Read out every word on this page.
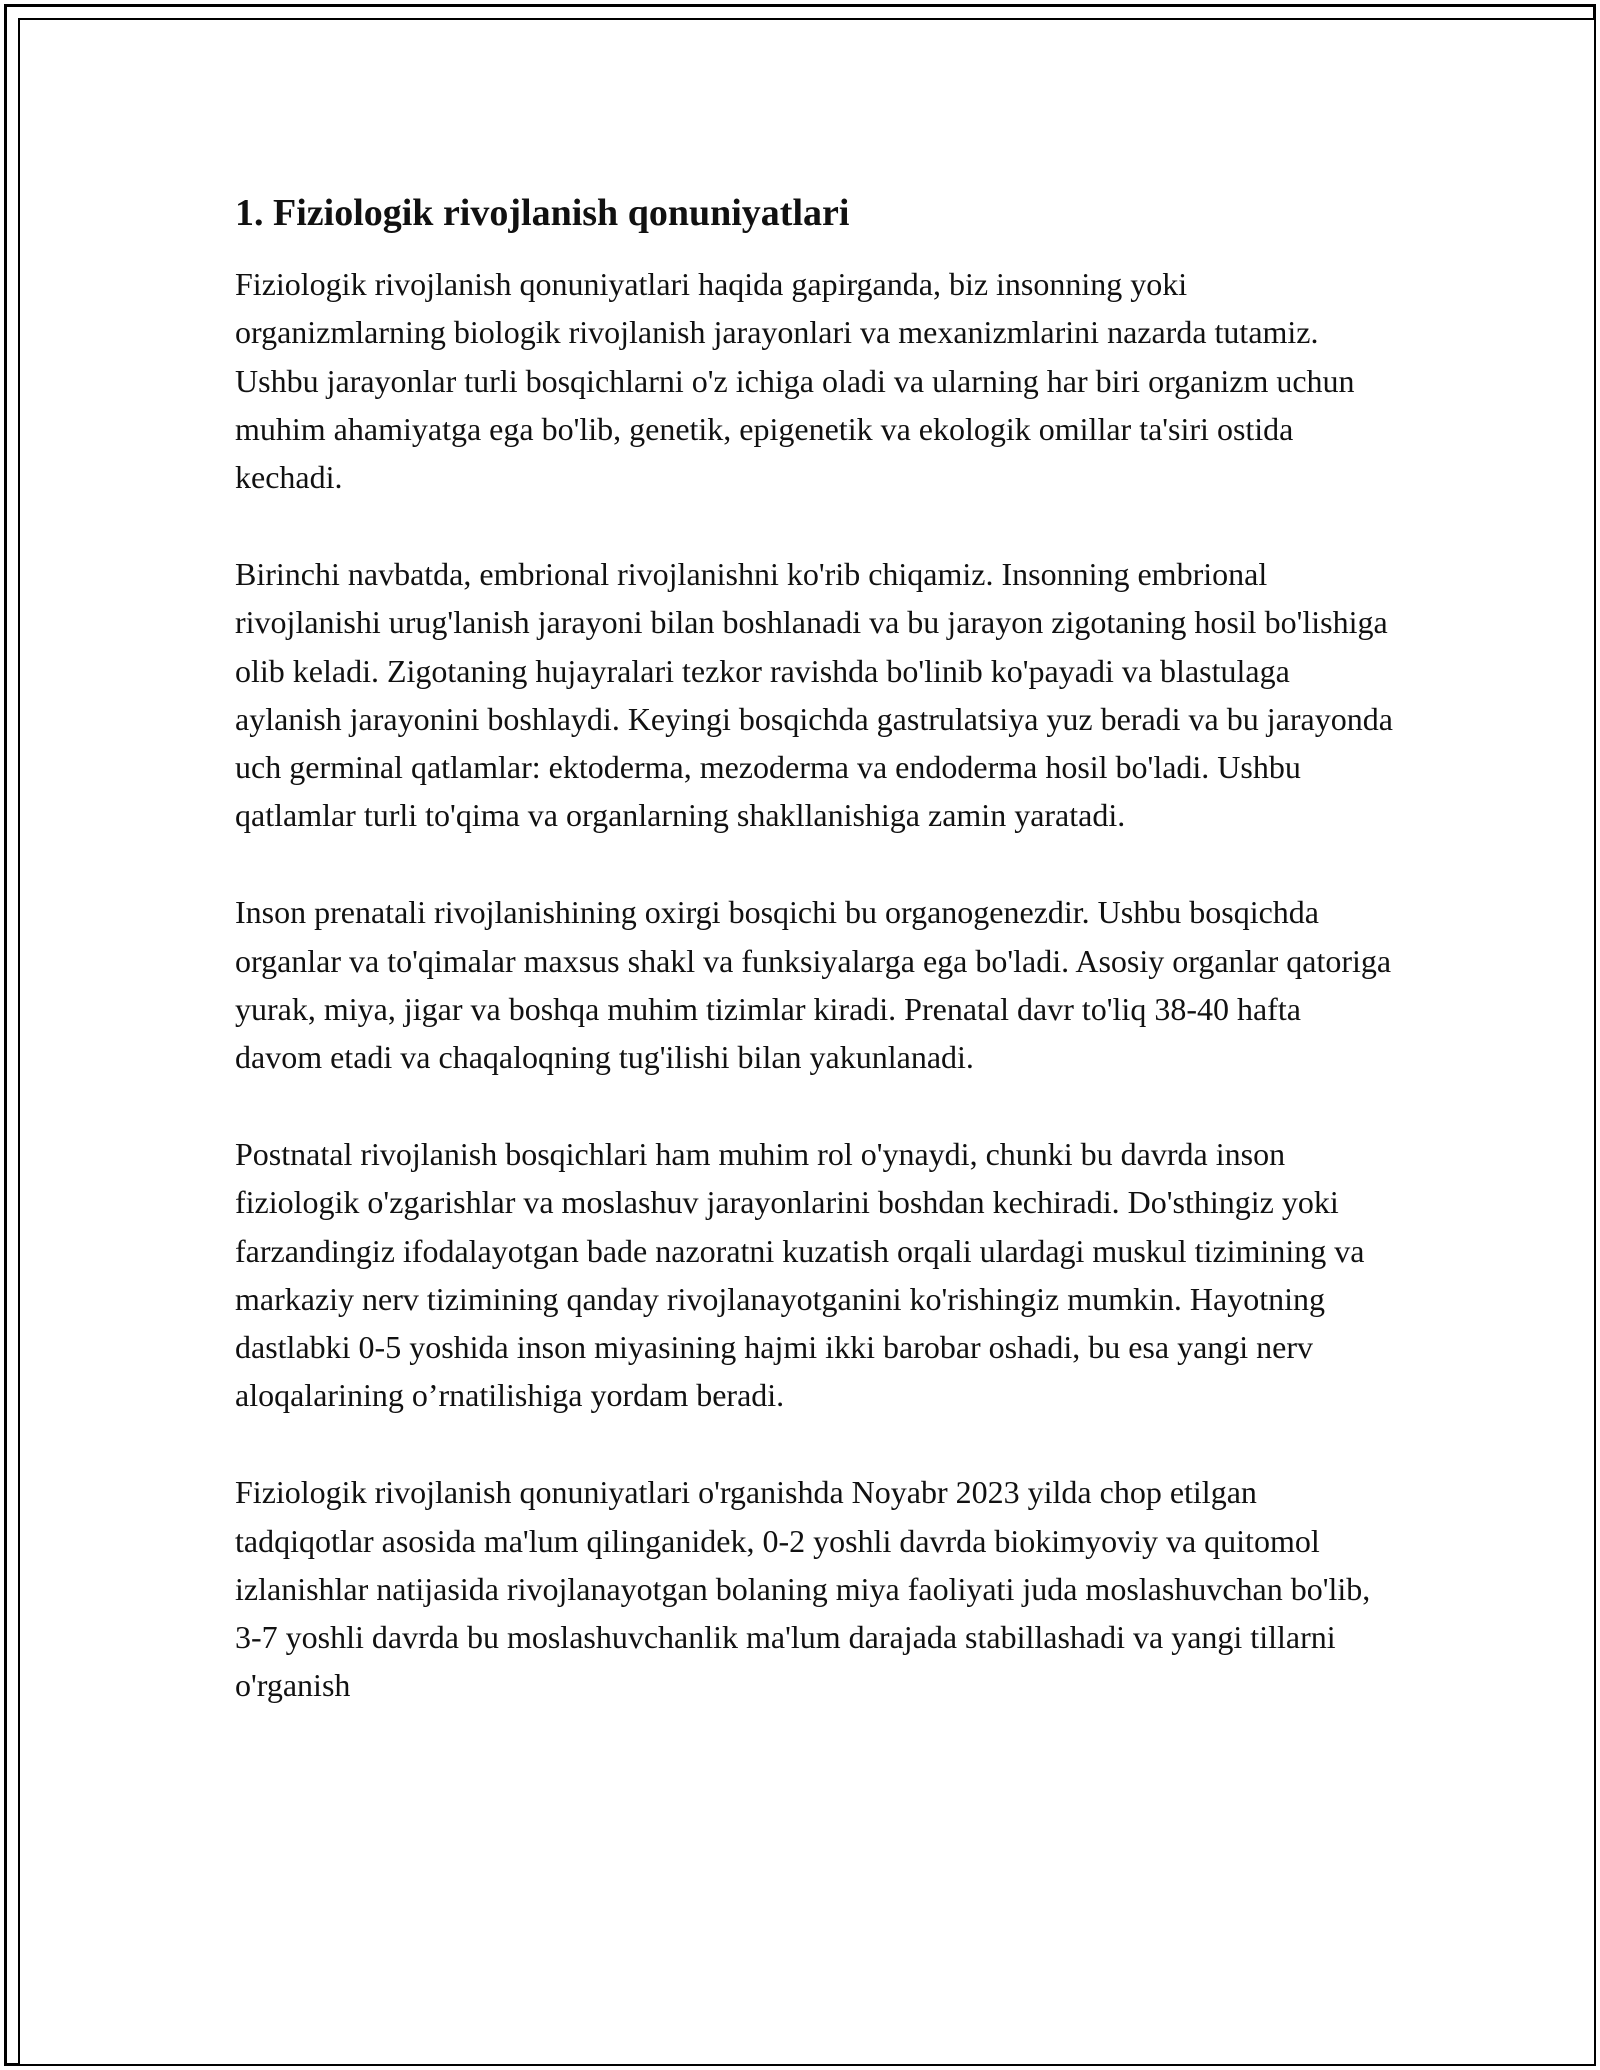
1. Fiziologik rivojlanish qonuniyatlari

Fiziologik rivojlanish qonuniyatlari haqida gapirganda, biz insonning yoki organizmlarning biologik rivojlanish jarayonlari va mexanizmlarini nazarda tutamiz. Ushbu jarayonlar turli bosqichlarni o'z ichiga oladi va ularning har biri organizm uchun muhim ahamiyatga ega bo'lib, genetik, epigenetik va ekologik omillar ta'siri ostida kechadi.

Birinchi navbatda, embrional rivojlanishni ko'rib chiqamiz. Insonning embrional rivojlanishi urug'lanish jarayoni bilan boshlanadi va bu jarayon zigotaning hosil bo'lishiga olib keladi. Zigotaning hujayralari tezkor ravishda bo'linib ko'payadi va blastulaga aylanish jarayonini boshlaydi. Keyingi bosqichda gastrulatsiya yuz beradi va bu jarayonda uch germinal qatlamlar: ektoderma, mezoderma va endoderma hosil bo'ladi. Ushbu qatlamlar turli to'qima va organlarning shakllanishiga zamin yaratadi.

Inson prenatali rivojlanishining oxirgi bosqichi bu organogenezdir. Ushbu bosqichda organlar va to'qimalar maxsus shakl va funksiyalarga ega bo'ladi. Asosiy organlar qatoriga yurak, miya, jigar va boshqa muhim tizimlar kiradi. Prenatal davr to'liq 38-40 hafta davom etadi va chaqaloqning tug'ilishi bilan yakunlanadi.

Postnatal rivojlanish bosqichlari ham muhim rol o'ynaydi, chunki bu davrda inson fiziologik o'zgarishlar va moslashuv jarayonlarini boshdan kechiradi. Do'sthingiz yoki farzandingiz ifodalayotgan bade nazoratni kuzatish orqali ulardagi muskul tizimining va markaziy nerv tizimining qanday rivojlanayotganini ko'rishingiz mumkin. Hayotning dastlabki 0-5 yoshida inson miyasining hajmi ikki barobar oshadi, bu esa yangi nerv aloqalarining o’rnatilishiga yordam beradi.

Fiziologik rivojlanish qonuniyatlari o'rganishda Noyabr 2023 yilda chop etilgan tadqiqotlar asosida ma'lum qilinganidek, 0-2 yoshli davrda biokimyoviy va quitomol izlanishlar natijasida rivojlanayotgan bolaning miya faoliyati juda moslashuvchan bo'lib, 3-7 yoshli davrda bu moslashuvchanlik ma'lum darajada stabillashadi va yangi tillarni o'rganish
